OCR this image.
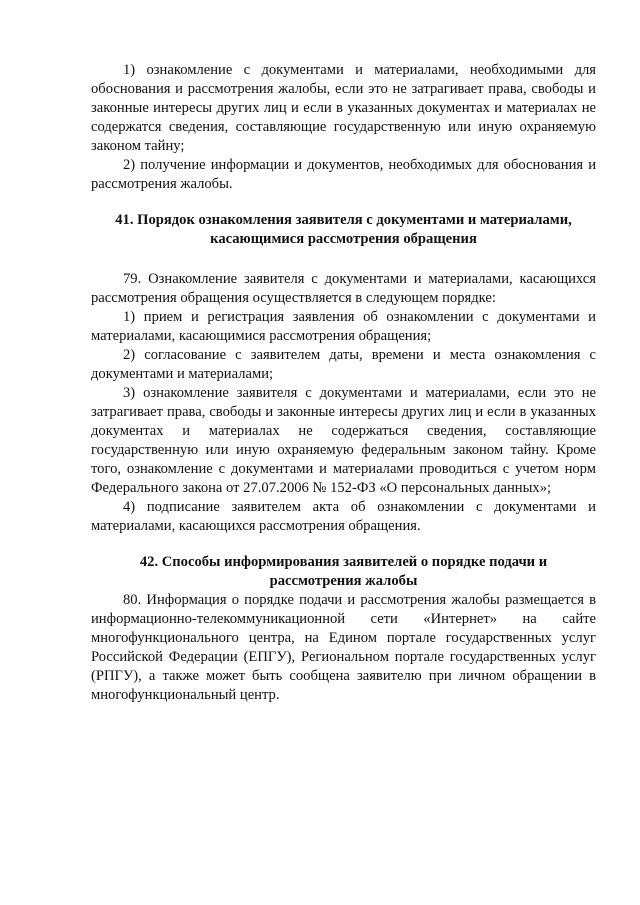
1) ознакомление с документами и материалами, необходимыми для обоснования и рассмотрения жалобы, если это не затрагивает права, свободы и законные интересы других лиц и если в указанных документах и материалах не содержатся сведения, составляющие государственную или иную охраняемую законом тайну;

2) получение информации и документов, необходимых для обоснования и рассмотрения жалобы.

41. Порядок ознакомления заявителя с документами и материалами, касающимися рассмотрения обращения

79. Ознакомление заявителя с документами и материалами, касающихся рассмотрения обращения осуществляется в следующем порядке:

1) прием и регистрация заявления об ознакомлении с документами и материалами, касающимися рассмотрения обращения;

2) согласование с заявителем даты, времени и места ознакомления с документами и материалами;

3) ознакомление заявителя с документами и материалами, если это не затрагивает права, свободы и законные интересы других лиц и если в указанных документах и материалах не содержаться сведения, составляющие государственную или иную охраняемую федеральным законом тайну. Кроме того, ознакомление с документами и материалами проводиться с учетом норм Федерального закона от 27.07.2006 № 152-ФЗ «О персональных данных»;

4) подписание заявителем акта об ознакомлении с документами и материалами, касающихся рассмотрения обращения.

42. Способы информирования заявителей о порядке подачи и рассмотрения жалобы

80. Информация о порядке подачи и рассмотрения жалобы размещается в информационно-телекоммуникационной сети «Интернет» на сайте многофункционального центра, на Едином портале государственных услуг Российской Федерации (ЕПГУ), Региональном портале государственных услуг (РПГУ), а также может быть сообщена заявителю при личном обращении в многофункциональный центр.
